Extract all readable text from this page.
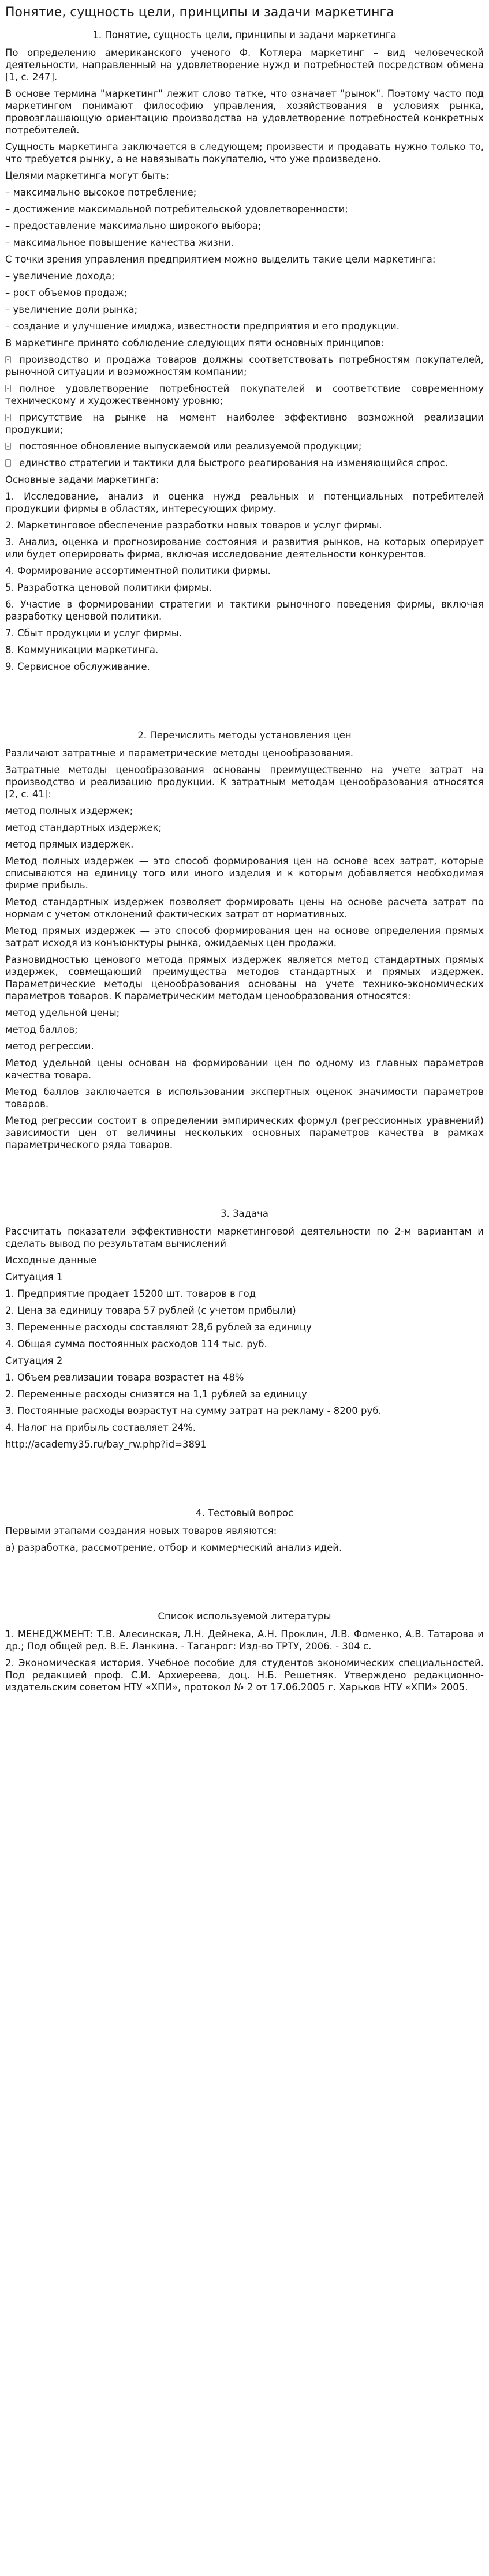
Понятие, сущность цели, принципы и задачи маркетинга
1. Понятие, сущность цели, принципы и задачи маркетинга

По определению американского ученого Ф. Котлера маркетинг – вид человеческой деятельности, направленный на удовлетворение нужд и потребностей посредством обмена [1, с. 247].

В основе термина "маркетинг" лежит слово татке, что означает "рынок". Поэтому часто под маркетингом понимают философию управления, хозяйствования в условиях рынка, провозглашающую ориентацию производства на удовлетворение потребностей конкретных потребителей.

Сущность маркетинга заключается в следующем; произвести и продавать нужно только то, что требуется рынку, а не навязывать покупателю, что уже произведено.

Целями маркетинга могут быть:

– максимально высокое потребление;

– достижение максимальной потребительской удовлетворенности;

– предоставление максимально широкого выбора;

– максимальное повышение качества жизни.

С точки зрения управления предприятием можно выделить такие цели маркетинга:

– увеличение дохода;

– рост объемов продаж;

– увеличение доли рынка;

– создание и улучшение имиджа, известности предприятия и его продукции.

В маркетинге принято соблюдение следующих пяти основных принципов:

производство и продажа товаров должны соответствовать потребностям покупателей, рыночной ситуации и возможностям компании;

полное удовлетворение потребностей покупателей и соответствие современному техническому и художественному уровню;

присутствие на рынке на момент наиболее эффективно возможной реализации продукции;

постоянное обновление выпускаемой или реализуемой продукции;

единство стратегии и тактики для быстрого реагирования на изменяющийся спрос.

Основные задачи маркетинга:

1. Исследование, анализ и оценка нужд реальных и потенциальных потребителей продукции фирмы в областях, интересующих фирму.

2. Маркетинговое обеспечение разработки новых товаров и услуг фирмы.

3. Анализ, оценка и прогнозирование состояния и развития рынков, на которых оперирует или будет оперировать фирма, включая исследование деятельности конкурентов.

4. Формирование ассортиментной политики фирмы.

5. Разработка ценовой политики фирмы.

6. Участие в формировании стратегии и тактики рыночного поведения фирмы, включая разработку ценовой политики.

7. Сбыт продукции и услуг фирмы.

8. Коммуникации маркетинга.

9. Сервисное обслуживание.

2. Перечислить методы установления цен

Различают затратные и параметрические методы ценообразования.

Затратные методы ценообразования основаны преимущественно на учете затрат на производство и реализацию продукции. К затратным методам ценообразования относятся [2, с. 41]:

метод полных издержек;

метод стандартных издержек;

метод прямых издержек.

Метод полных издержек — это способ формирования цен на основе всех затрат, которые списываются на единицу того или иного изделия и к которым добавляется необходимая фирме прибыль.

Метод стандартных издержек позволяет формировать цены на основе расчета затрат по нормам с учетом отклонений фактических затрат от нормативных.

Метод прямых издержек — это способ формирования цен на основе определения прямых затрат исходя из конъюнктуры рынка, ожидаемых цен продажи.

Разновидностью ценового метода прямых издержек является метод стандартных прямых издержек, совмещающий преимущества методов стандартных и прямых издержек. Параметрические методы ценообразования основаны на учете технико-экономических параметров товаров. К параметрическим методам ценообразования относятся:

метод удельной цены;

метод баллов;

метод регрессии.

Метод удельной цены основан на формировании цен по одному из главных параметров качества товара.

Метод баллов заключается в использовании экспертных оценок значимости параметров товаров.

Метод регрессии состоит в определении эмпирических формул (регрессионных уравнений) зависимости цен от величины нескольких основных параметров качества в рамках параметрического ряда товаров.

3. Задача

Рассчитать показатели эффективности маркетинговой деятельности по 2-м вариантам и сделать вывод по результатам вычислений

Исходные данные

Ситуация 1

1. Предприятие продает 15200 шт. товаров в год

2. Цена за единицу товара 57 рублей (с учетом прибыли)

3. Переменные расходы составляют 28,6 рублей за единицу

4. Общая сумма постоянных расходов 114 тыс. руб.

Ситуация 2

1. Объем реализации товара возрастет на 48%

2. Переменные расходы снизятся на 1,1 рублей за единицу

3. Постоянные расходы возрастут на сумму затрат на рекламу - 8200 руб.

4. Налог на прибыль составляет 24%.

http://academy35.ru/bay_rw.php?id=3891

4. Тестовый вопрос

Первыми этапами создания новых товаров являются:

а) разработка, рассмотрение, отбор и коммерческий анализ идей.

Список используемой литературы

1. МЕНЕДЖМЕНТ: Т.В. Алесинская, Л.Н. Дейнека, А.Н. Проклин, Л.В. Фоменко, А.В. Татарова и др.; Под общей ред. В.Е. Ланкина. - Таганрог: Изд-во ТРТУ, 2006. - 304 с.

2. Экономическая история. Учебное пособие для студентов экономических специальностей. Под редакцией проф. С.И. Архиереева, доц. Н.Б. Решетняк. Утверждено редакционно-издательским советом НТУ «ХПИ», протокол № 2 от 17.06.2005 г. Харьков НТУ «ХПИ» 2005.
